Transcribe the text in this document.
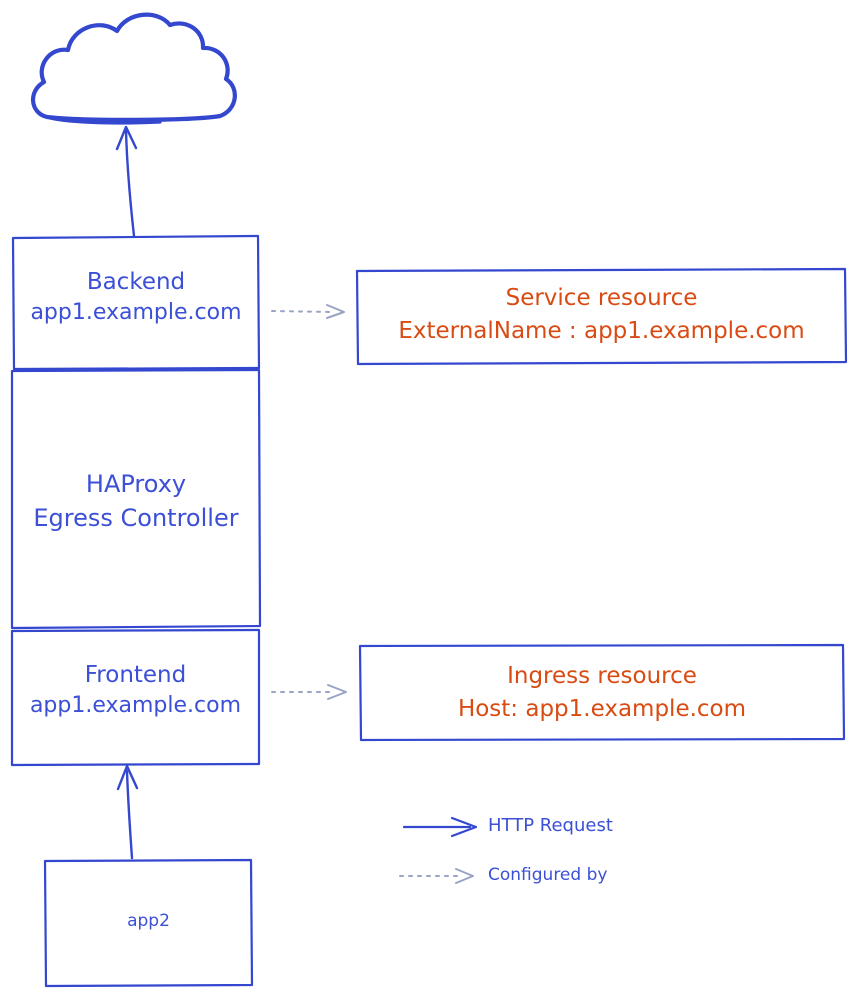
Backend
app1.example.com
HAProxy
Egress Controller
Frontend
app1.example.com
app2
Service resource
ExternalName : app1.example.com
Ingress resource
Host: app1.example.com
HTTP Request
Configured by
